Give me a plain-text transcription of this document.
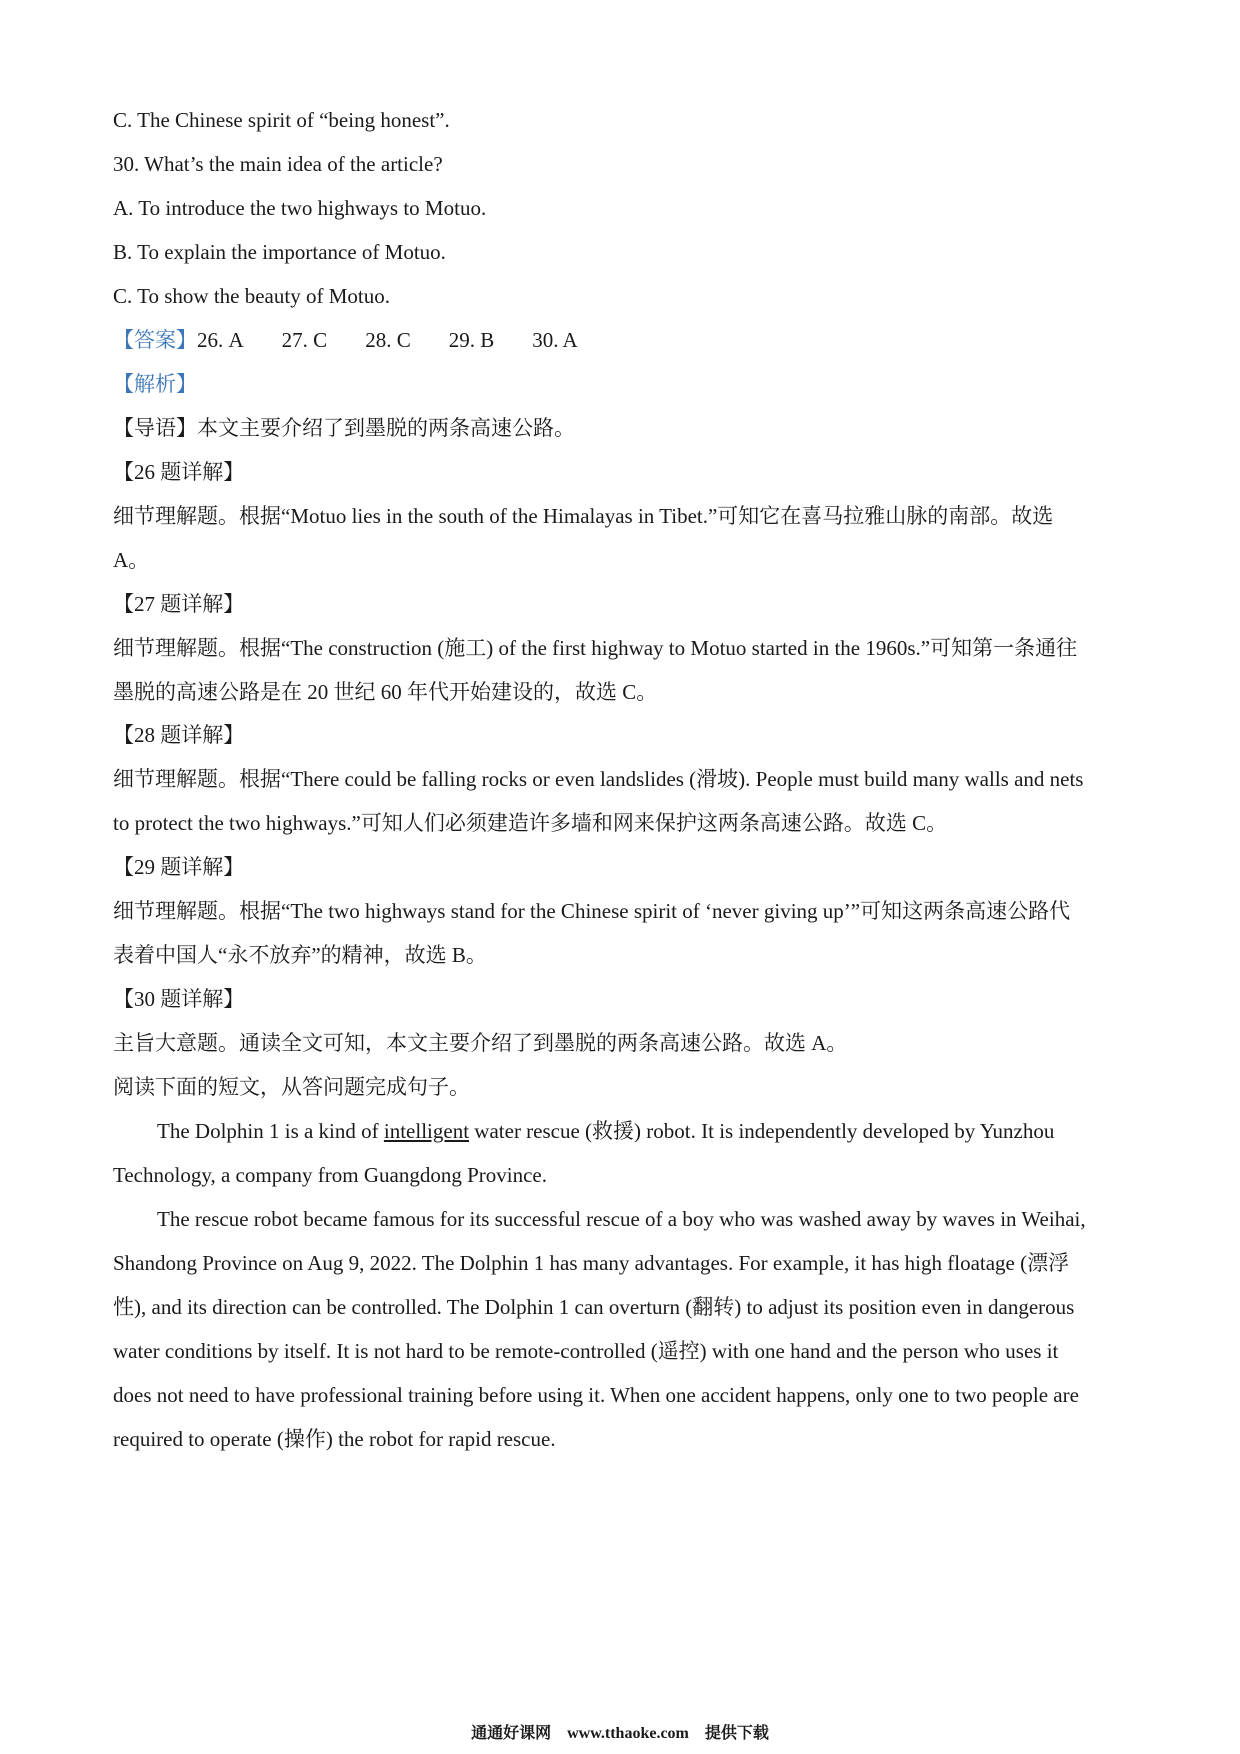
C. The Chinese spirit of “being honest”.
30. What’s the main idea of the article?
A. To introduce the two highways to Motuo.
B. To explain the importance of Motuo.
C. To show the beauty of Motuo.
【答案】26. A 27. C 28. C 29. B 30. A
【解析】
【导语】本文主要介绍了到墨脱的两条高速公路。
【26 题详解】
细节理解题。根据“Motuo lies in the south of the Himalayas in Tibet.”可知它在喜马拉雅山脉的南部。故选
A。
【27 题详解】
细节理解题。根据“The construction (施工) of the first highway to Motuo started in the 1960s.”可知第一条通往
墨脱的高速公路是在 20 世纪 60 年代开始建设的，故选 C。
【28 题详解】
细节理解题。根据“There could be falling rocks or even landslides (滑坡). People must build many walls and nets
to protect the two highways.”可知人们必须建造许多墙和网来保护这两条高速公路。故选 C。
【29 题详解】
细节理解题。根据“The two highways stand for the Chinese spirit of ‘never giving up’”可知这两条高速公路代
表着中国人“永不放弃”的精神，故选 B。
【30 题详解】
主旨大意题。通读全文可知，本文主要介绍了到墨脱的两条高速公路。故选 A。
阅读下面的短文，从答问题完成句子。
The Dolphin 1 is a kind of intelligent water rescue (救援) robot. It is independently developed by Yunzhou
Technology, a company from Guangdong Province.
The rescue robot became famous for its successful rescue of a boy who was washed away by waves in Weihai,
Shandong Province on Aug 9, 2022. The Dolphin 1 has many advantages. For example, it has high floatage (漂浮
性), and its direction can be controlled. The Dolphin 1 can overturn (翻转) to adjust its position even in dangerous
water conditions by itself. It is not hard to be remote-controlled (遥控) with one hand and the person who uses it
does not need to have professional training before using it. When one accident happens, only one to two people are
required to operate (操作) the robot for rapid rescue.
通通好课网　www.tthaoke.com　提供下载
